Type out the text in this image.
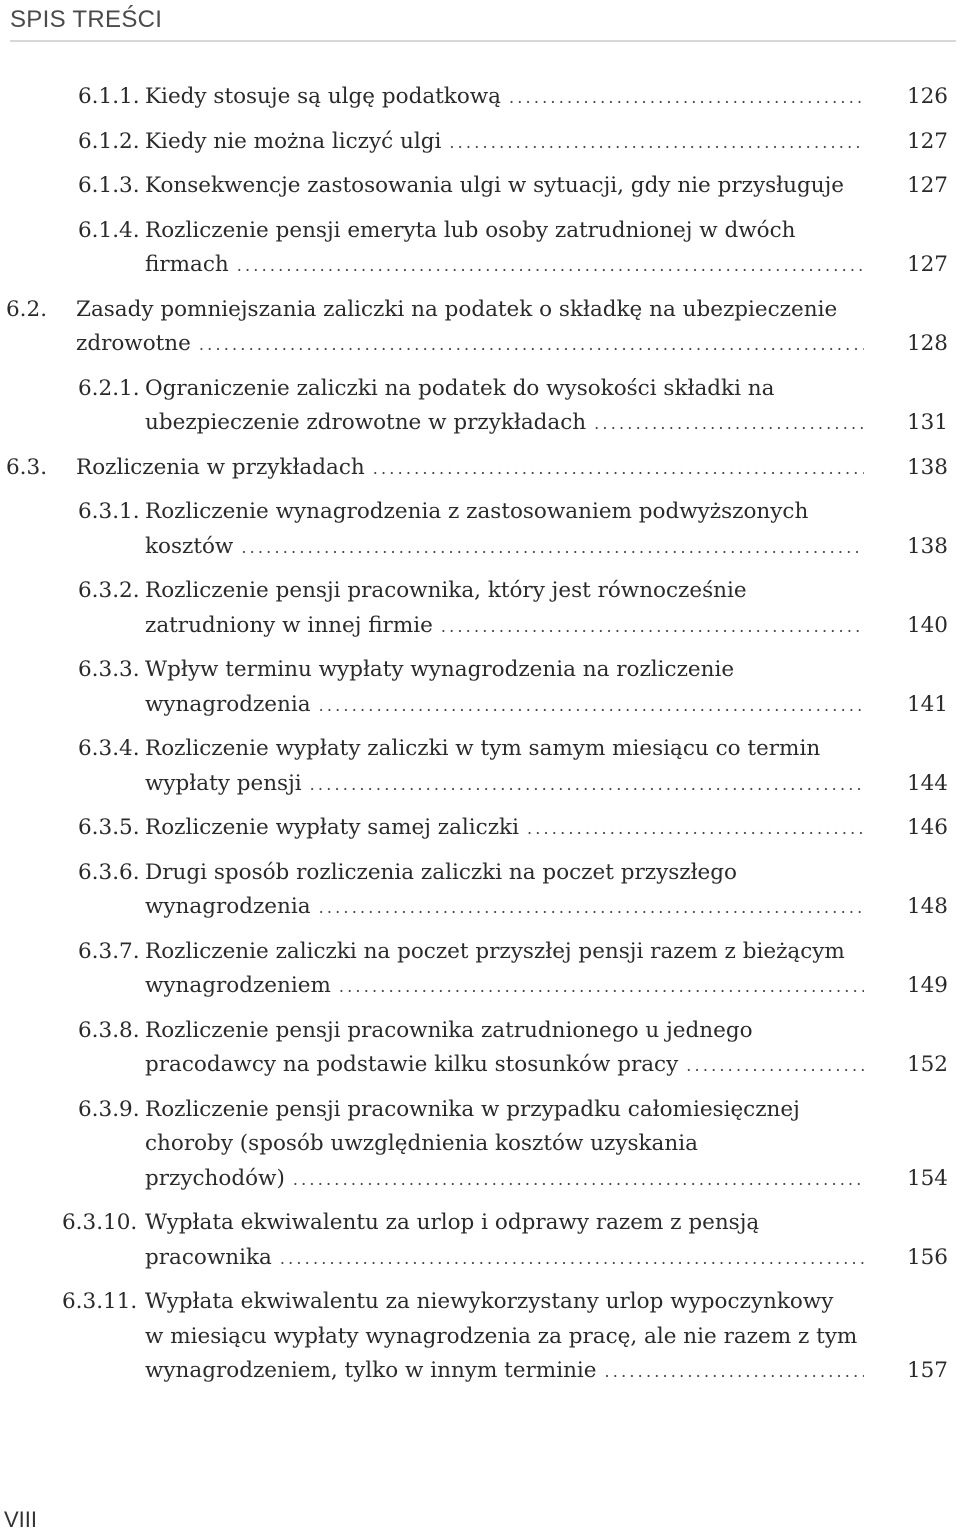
SPIS TREŚCI
6.1.1. Kiedy stosuje są ulgę podatkową .....	126
6.1.2. Kiedy nie można liczyć ulgi .....	127
6.1.3. Konsekwencje zastosowania ulgi w sytuacji, gdy nie przysługuje	127
6.1.4. Rozliczenie pensji emeryta lub osoby zatrudnionej w dwóch
firmach .....	127
6.2. Zasady pomniejszania zaliczki na podatek o składkę na ubezpieczenie
zdrowotne .....	128
6.2.1. Ograniczenie zaliczki na podatek do wysokości składki na
ubezpieczenie zdrowotne w przykładach .....	131
6.3. Rozliczenia w przykładach .....	138
6.3.1. Rozliczenie wynagrodzenia z zastosowaniem podwyższonych
kosztów .....	138
6.3.2. Rozliczenie pensji pracownika, który jest równocześnie
zatrudniony w innej firmie .....	140
6.3.3. Wpływ terminu wypłaty wynagrodzenia na rozliczenie
wynagrodzenia .....	141
6.3.4. Rozliczenie wypłaty zaliczki w tym samym miesiącu co termin
wypłaty pensji .....	144
6.3.5. Rozliczenie wypłaty samej zaliczki .....	146
6.3.6. Drugi sposób rozliczenia zaliczki na poczet przyszłego
wynagrodzenia .....	148
6.3.7. Rozliczenie zaliczki na poczet przyszłej pensji razem z bieżącym
wynagrodzeniem .....	149
6.3.8. Rozliczenie pensji pracownika zatrudnionego u jednego
pracodawcy na podstawie kilku stosunków pracy .....	152
6.3.9. Rozliczenie pensji pracownika w przypadku całomiesięcznej
choroby (sposób uwzględnienia kosztów uzyskania
przychodów) .....	154
6.3.10. Wypłata ekwiwalentu za urlop i odprawy razem z pensją
pracownika .....	156
6.3.11. Wypłata ekwiwalentu za niewykorzystany urlop wypoczynkowy
w miesiącu wypłaty wynagrodzenia za pracę, ale nie razem z tym
wynagrodzeniem, tylko w innym terminie .....	157
VIII
